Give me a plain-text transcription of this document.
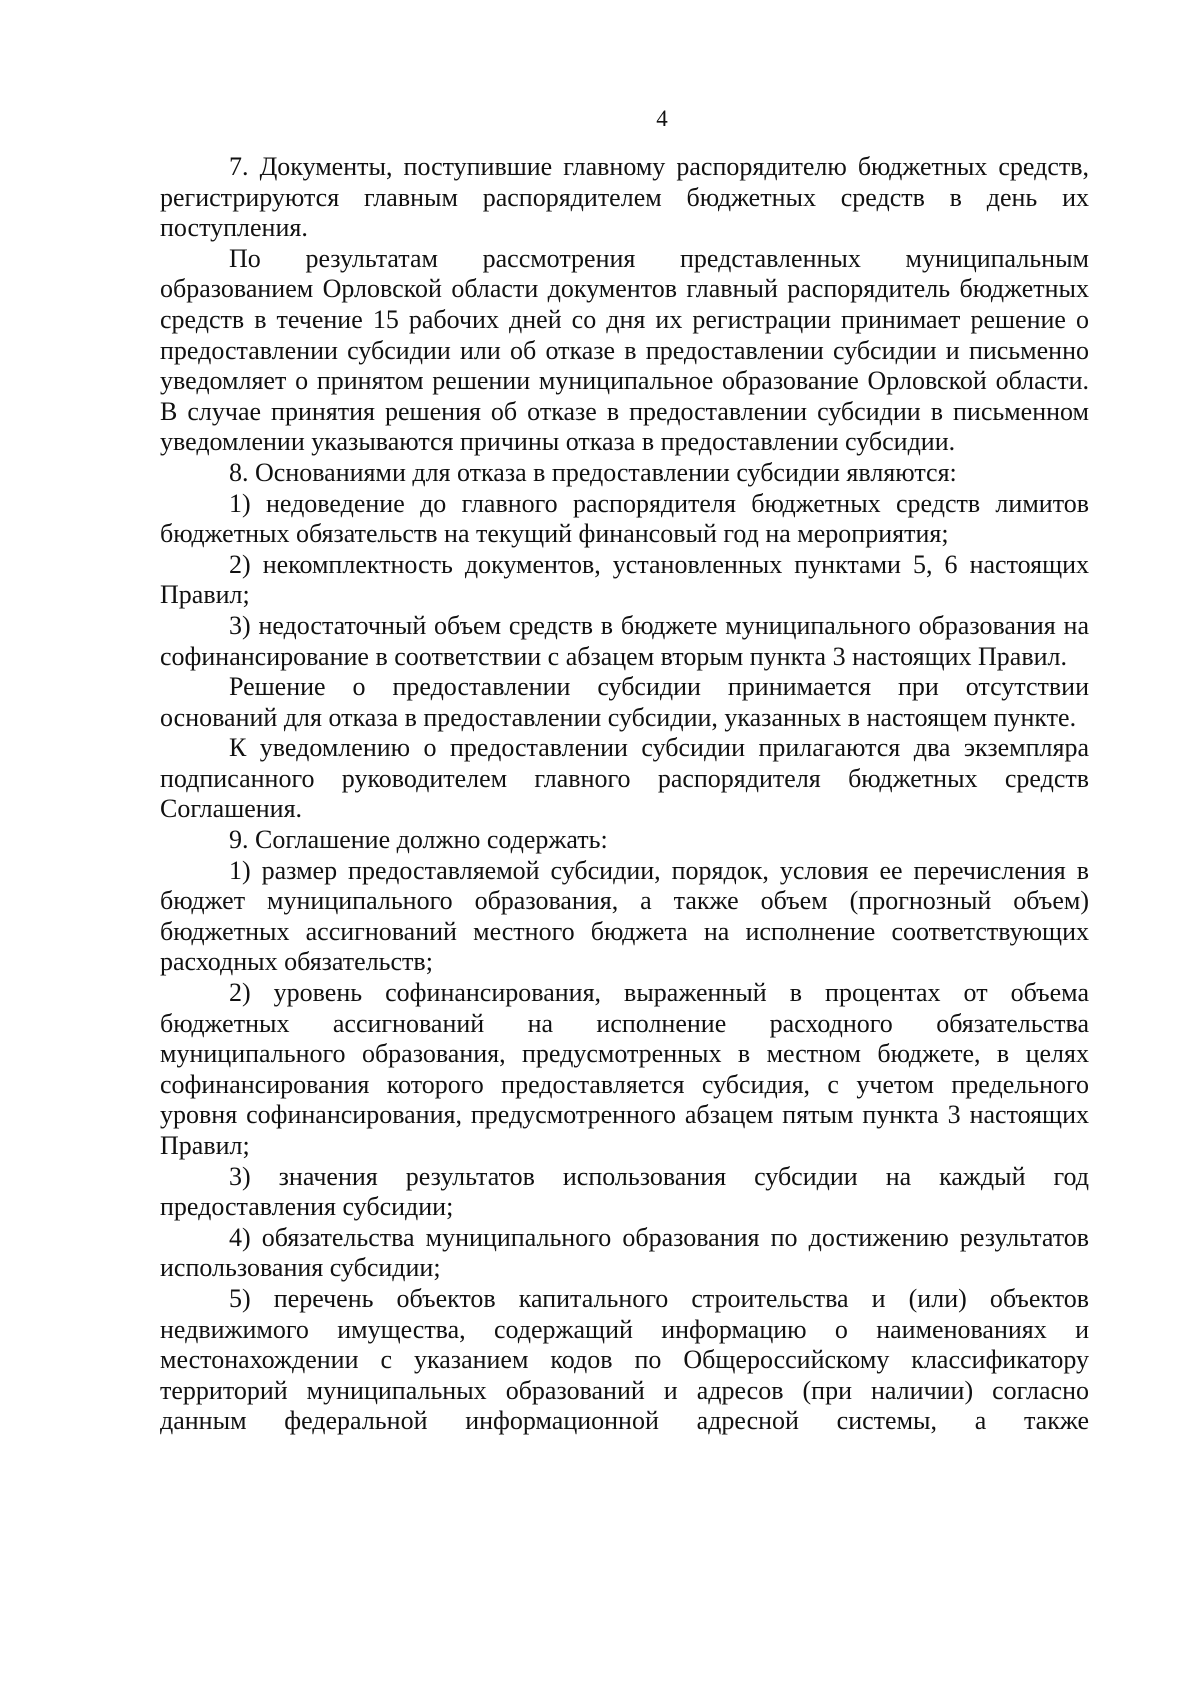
4

7. Документы, поступившие главному распорядителю бюджетных средств, регистрируются главным распорядителем бюджетных средств в день их поступления.

По результатам рассмотрения представленных муниципальным образованием Орловской области документов главный распорядитель бюджетных средств в течение 15 рабочих дней со дня их регистрации принимает решение о предоставлении субсидии или об отказе в предоставлении субсидии и письменно уведомляет о принятом решении муниципальное образование Орловской области. В случае принятия решения об отказе в предоставлении субсидии в письменном уведомлении указываются причины отказа в предоставлении субсидии.

8. Основаниями для отказа в предоставлении субсидии являются:

1) недоведение до главного распорядителя бюджетных средств лимитов бюджетных обязательств на текущий финансовый год на мероприятия;

2) некомплектность документов, установленных пунктами 5, 6 настоящих Правил;

3) недостаточный объем средств в бюджете муниципального образования на софинансирование в соответствии с абзацем вторым пункта 3 настоящих Правил.

Решение о предоставлении субсидии принимается при отсутствии оснований для отказа в предоставлении субсидии, указанных в настоящем пункте.

К уведомлению о предоставлении субсидии прилагаются два экземпляра подписанного руководителем главного распорядителя бюджетных средств Соглашения.

9. Соглашение должно содержать:

1) размер предоставляемой субсидии, порядок, условия ее перечисления в бюджет муниципального образования, а также объем (прогнозный объем) бюджетных ассигнований местного бюджета на исполнение соответствующих расходных обязательств;

2) уровень софинансирования, выраженный в процентах от объема бюджетных ассигнований на исполнение расходного обязательства муниципального образования, предусмотренных в местном бюджете, в целях софинансирования которого предоставляется субсидия, с учетом предельного уровня софинансирования, предусмотренного абзацем пятым пункта 3 настоящих Правил;

3) значения результатов использования субсидии на каждый год предоставления субсидии;

4) обязательства муниципального образования по достижению результатов использования субсидии;

5) перечень объектов капитального строительства и (или) объектов недвижимого имущества, содержащий информацию о наименованиях и местонахождении с указанием кодов по Общероссийскому классификатору территорий муниципальных образований и адресов (при наличии) согласно данным федеральной информационной адресной системы, а также
